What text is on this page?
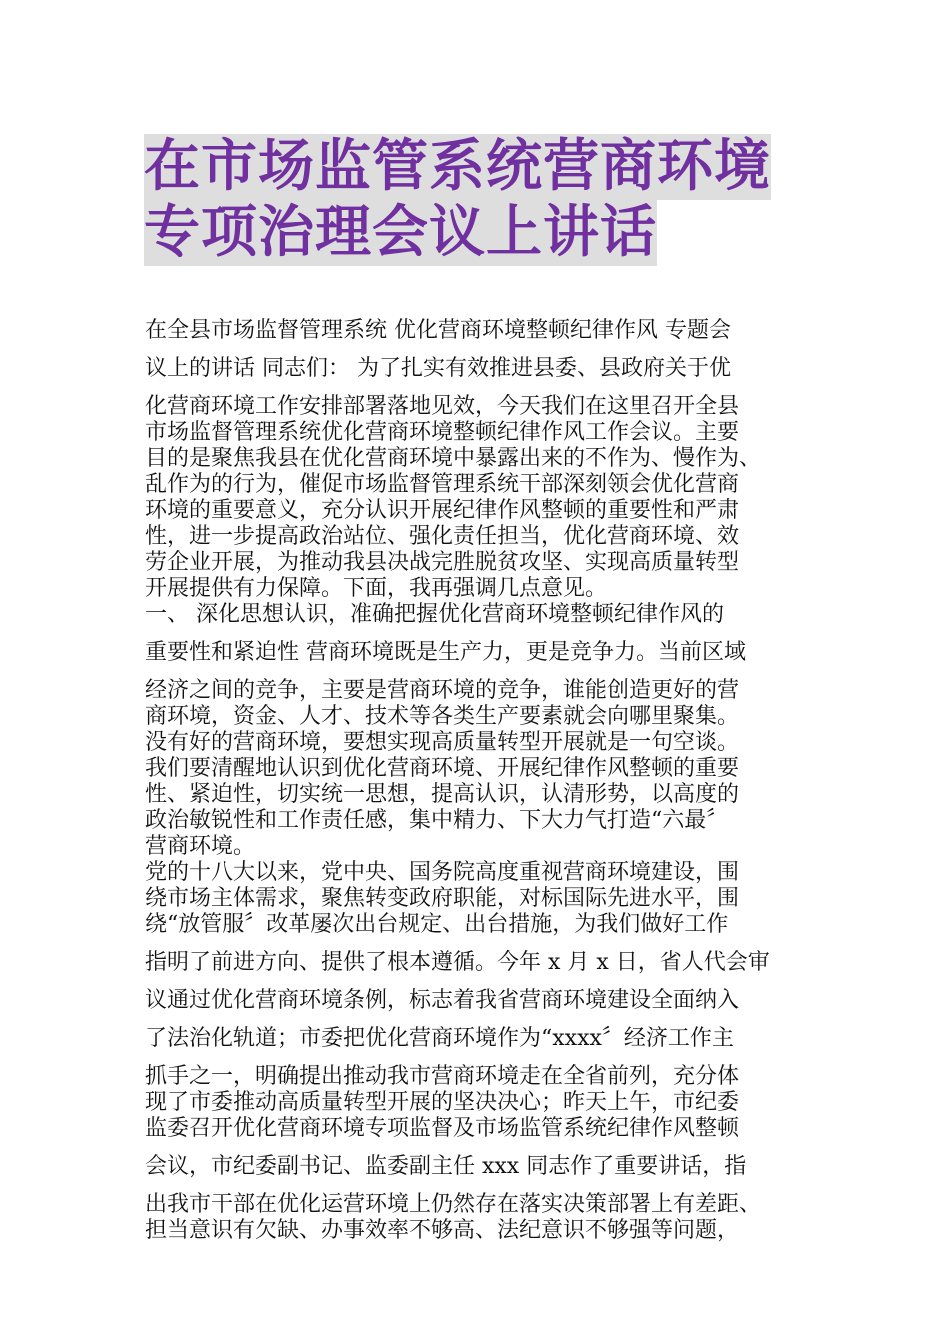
在市场监管系统营商环境
专项治理会议上讲话
在全县市场监督管理系统 优化营商环境整顿纪律作风 专题会
议上的讲话 同志们： 为了扎实有效推进县委、县政府关于优
化营商环境工作安排部署落地见效，今天我们在这里召开全县
市场监督管理系统优化营商环境整顿纪律作风工作会议。主要
目的是聚焦我县在优化营商环境中暴露出来的不作为、慢作为、
乱作为的行为，催促市场监督管理系统干部深刻领会优化营商
环境的重要意义，充分认识开展纪律作风整顿的重要性和严肃
性，进一步提高政治站位、强化责任担当，优化营商环境、效
劳企业开展，为推动我县决战完胜脱贫攻坚、实现高质量转型
开展提供有力保障。下面，我再强调几点意见。
一、 深化思想认识，准确把握优化营商环境整顿纪律作风的
重要性和紧迫性 营商环境既是生产力，更是竞争力。当前区域
经济之间的竞争，主要是营商环境的竞争，谁能创造更好的营
商环境，资金、人才、技术等各类生产要素就会向哪里聚集。
没有好的营商环境，要想实现高质量转型开展就是一句空谈。
我们要清醒地认识到优化营商环境、开展纪律作风整顿的重要
性、紧迫性，切实统一思想，提高认识，认清形势，以高度的
政治敏锐性和工作责任感，集中精力、下大力气打造“六最〞
营商环境。
党的十八大以来，党中央、国务院高度重视营商环境建设，围
绕市场主体需求，聚焦转变政府职能，对标国际先进水平，围
绕“放管服〞改革屡次出台规定、出台措施，为我们做好工作
指明了前进方向、提供了根本遵循。今年 x 月 x 日，省人代会审
议通过优化营商环境条例，标志着我省营商环境建设全面纳入
了法治化轨道；市委把优化营商环境作为“xxxx〞经济工作主
抓手之一，明确提出推动我市营商环境走在全省前列，充分体
现了市委推动高质量转型开展的坚决决心；昨天上午，市纪委
监委召开优化营商环境专项监督及市场监管系统纪律作风整顿
会议，市纪委副书记、监委副主任 xxx 同志作了重要讲话，指
出我市干部在优化运营环境上仍然存在落实决策部署上有差距、
担当意识有欠缺、办事效率不够高、法纪意识不够强等问题，
